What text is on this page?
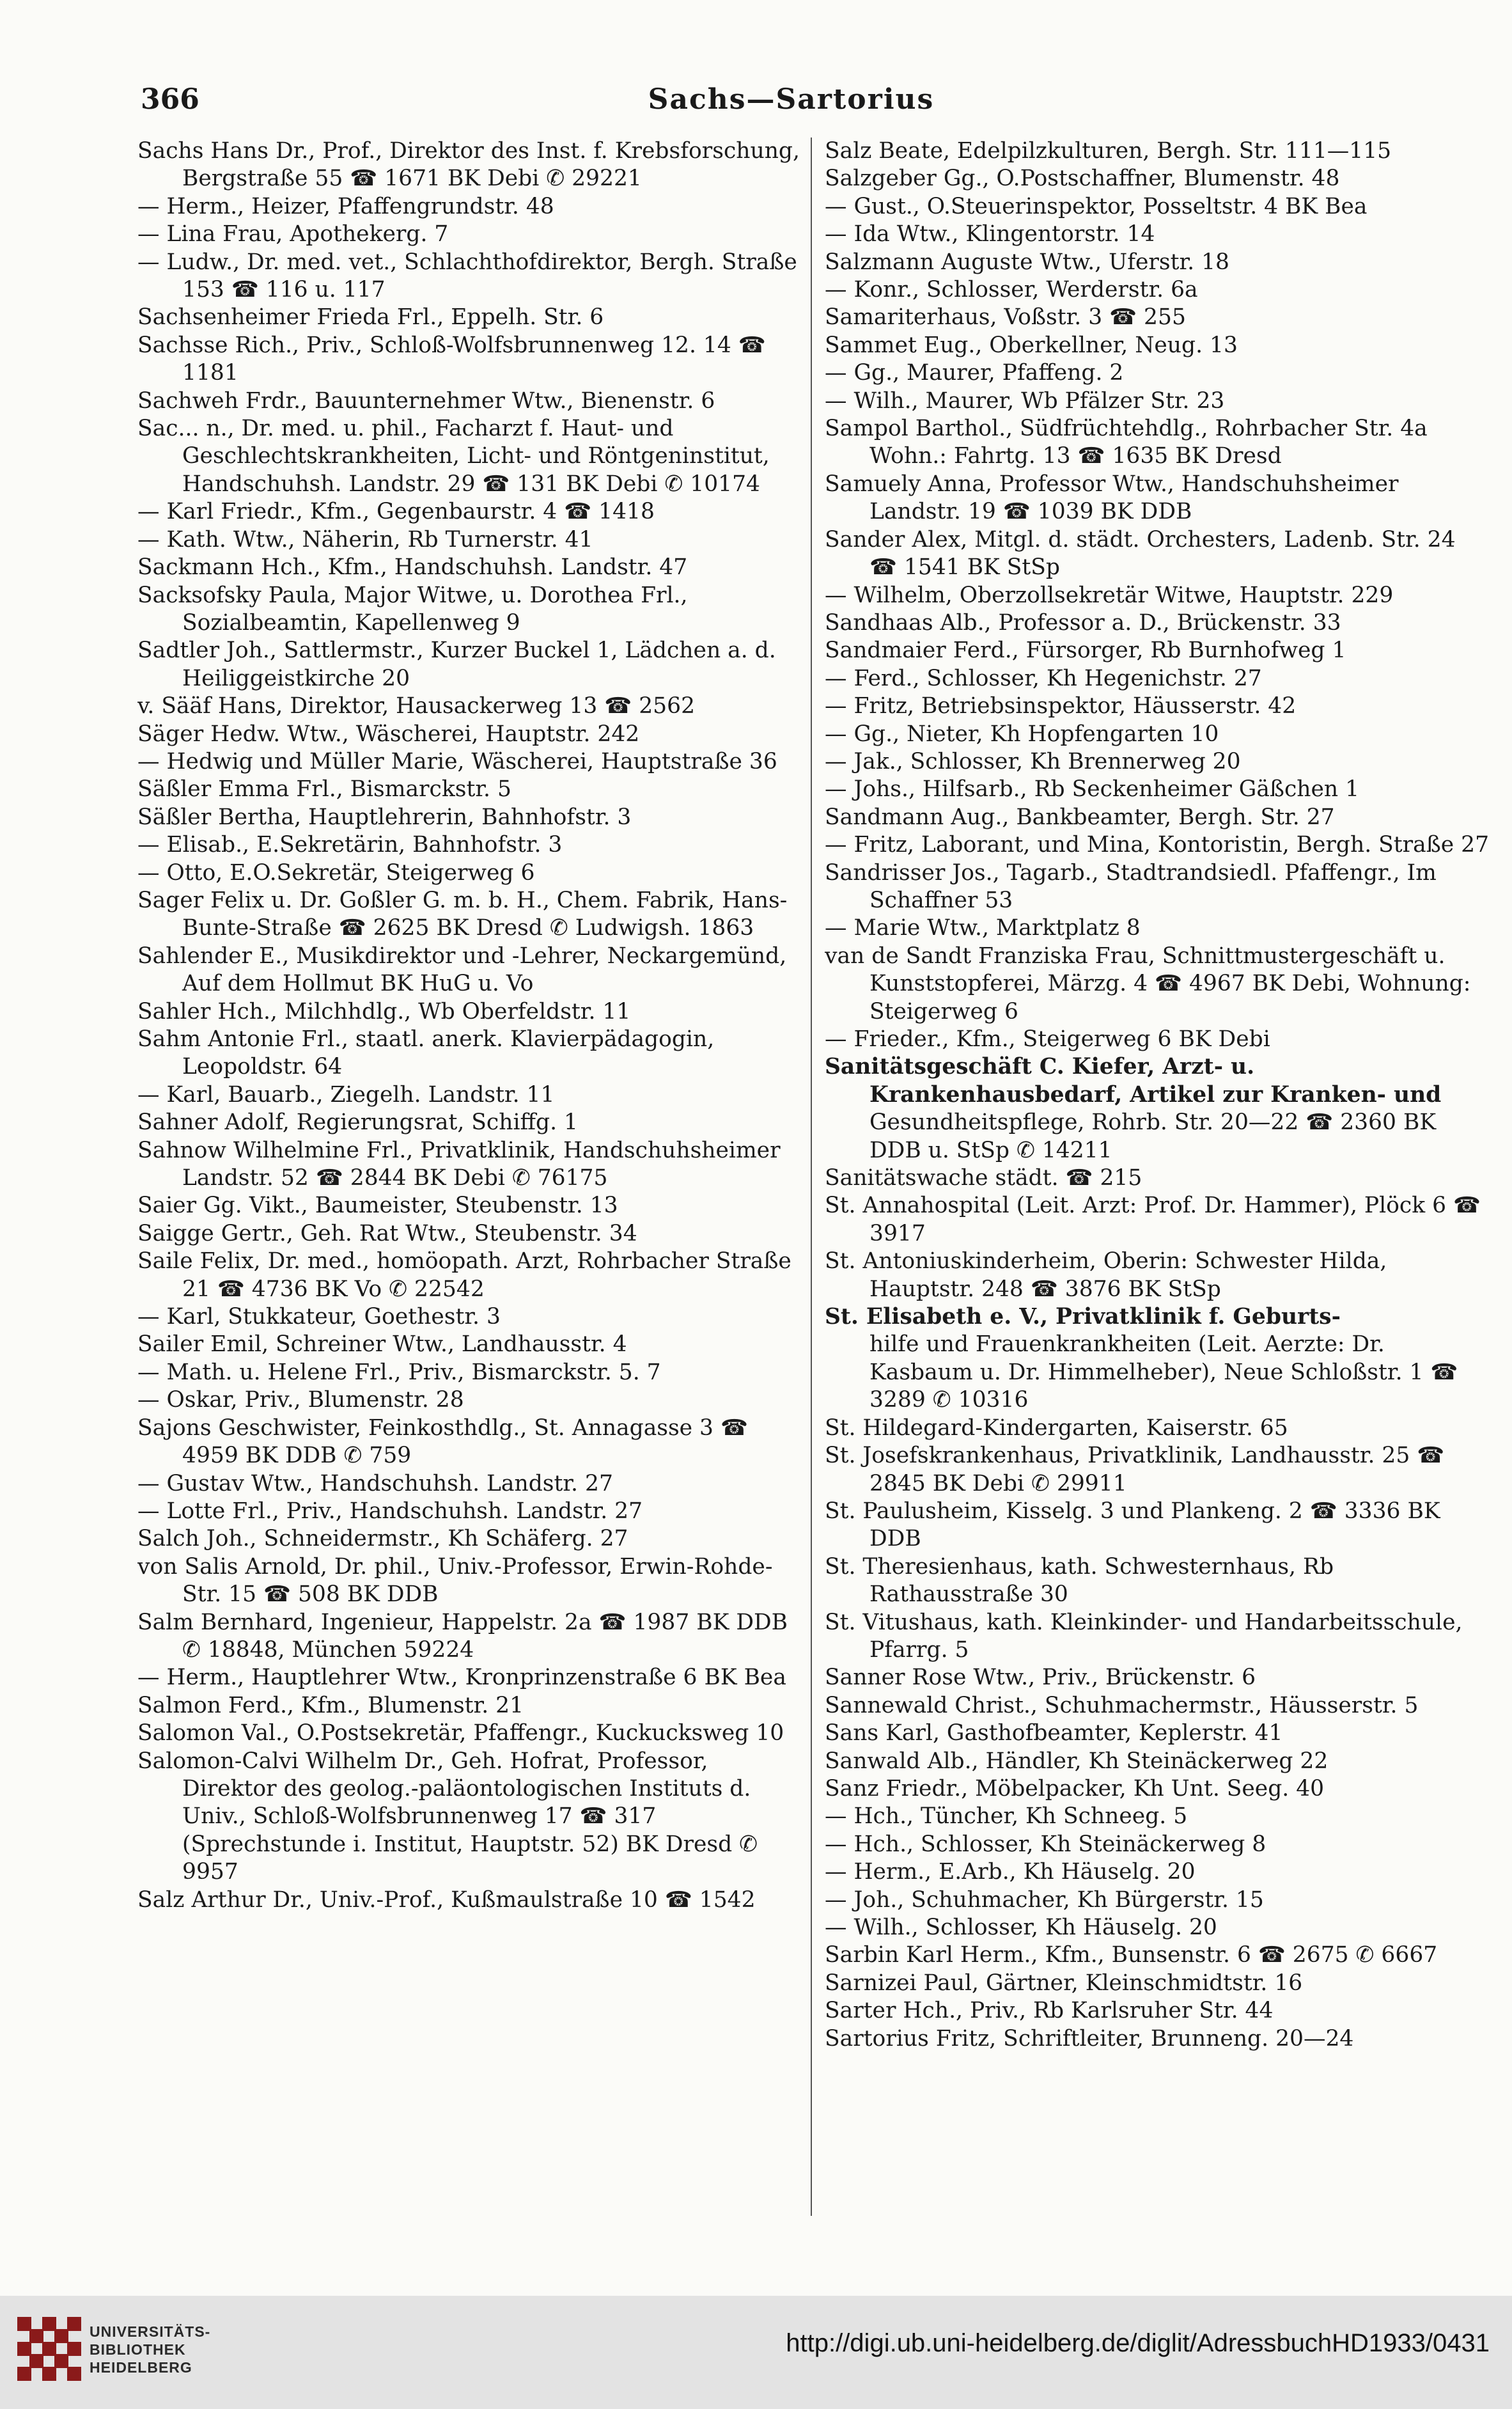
366	Sachs—Sartorius

Sachs Hans Dr., Prof., Direktor des Inst. f. Krebsforschung, Bergstraße 55 ☎ 1671 BK Debi ✆ 29221

— Herm., Heizer, Pfaffengrundstr. 48

— Lina Frau, Apothekerg. 7

— Ludw., Dr. med. vet., Schlachthofdirektor, Bergh. Straße 153 ☎ 116 u. 117

Sachsenheimer Frieda Frl., Eppelh. Str. 6

Sachsse Rich., Priv., Schloß-Wolfsbrunnenweg 12. 14 ☎ 1181

Sachweh Frdr., Bauunternehmer Wtw., Bienenstr. 6

Sac... n., Dr. med. u. phil., Facharzt f. Haut- und Geschlechtskrankheiten, Licht- und Röntgeninstitut, Handschuhsh. Landstr. 29 ☎ 131 BK Debi ✆ 10174

— Karl Friedr., Kfm., Gegenbaurstr. 4 ☎ 1418

— Kath. Wtw., Näherin, Rb Turnerstr. 41

Sackmann Hch., Kfm., Handschuhsh. Landstr. 47

Sacksofsky Paula, Major Witwe, u. Dorothea Frl., Sozialbeamtin, Kapellenweg 9

Sadtler Joh., Sattlermstr., Kurzer Buckel 1, Lädchen a. d. Heiliggeistkirche 20

v. Sääf Hans, Direktor, Hausackerweg 13 ☎ 2562

Säger Hedw. Wtw., Wäscherei, Hauptstr. 242

— Hedwig und Müller Marie, Wäscherei, Hauptstraße 36

Säßler Emma Frl., Bismarckstr. 5

Säßler Bertha, Hauptlehrerin, Bahnhofstr. 3

— Elisab., E.Sekretärin, Bahnhofstr. 3

— Otto, E.O.Sekretär, Steigerweg 6

Sager Felix u. Dr. Goßler G. m. b. H., Chem. Fabrik, Hans-Bunte-Straße ☎ 2625 BK Dresd ✆ Ludwigsh. 1863

Sahlender E., Musikdirektor und -Lehrer, Neckargemünd, Auf dem Hollmut BK HuG u. Vo

Sahler Hch., Milchhdlg., Wb Oberfeldstr. 11

Sahm Antonie Frl., staatl. anerk. Klavierpädagogin, Leopoldstr. 64

— Karl, Bauarb., Ziegelh. Landstr. 11

Sahner Adolf, Regierungsrat, Schiffg. 1

Sahnow Wilhelmine Frl., Privatklinik, Handschuhsheimer Landstr. 52 ☎ 2844 BK Debi ✆ 76175

Saier Gg. Vikt., Baumeister, Steubenstr. 13

Saigge Gertr., Geh. Rat Wtw., Steubenstr. 34

Saile Felix, Dr. med., homöopath. Arzt, Rohrbacher Straße 21 ☎ 4736 BK Vo ✆ 22542

— Karl, Stukkateur, Goethestr. 3

Sailer Emil, Schreiner Wtw., Landhausstr. 4

— Math. u. Helene Frl., Priv., Bismarckstr. 5. 7

— Oskar, Priv., Blumenstr. 28

Sajons Geschwister, Feinkosthdlg., St. Annagasse 3 ☎ 4959 BK DDB ✆ 759

— Gustav Wtw., Handschuhsh. Landstr. 27

— Lotte Frl., Priv., Handschuhsh. Landstr. 27

Salch Joh., Schneidermstr., Kh Schäferg. 27

von Salis Arnold, Dr. phil., Univ.-Professor, Erwin-Rohde-Str. 15 ☎ 508 BK DDB

Salm Bernhard, Ingenieur, Happelstr. 2a ☎ 1987 BK DDB ✆ 18848, München 59224

— Herm., Hauptlehrer Wtw., Kronprinzenstraße 6 BK Bea

Salmon Ferd., Kfm., Blumenstr. 21

Salomon Val., O.Postsekretär, Pfaffengr., Kuckucksweg 10

Salomon-Calvi Wilhelm Dr., Geh. Hofrat, Professor, Direktor des geolog.-paläontologischen Instituts d. Univ., Schloß-Wolfsbrunnenweg 17 ☎ 317 (Sprechstunde i. Institut, Hauptstr. 52) BK Dresd ✆ 9957

Salz Arthur Dr., Univ.-Prof., Kußmaulstraße 10 ☎ 1542

Salz Beate, Edelpilzkulturen, Bergh. Str. 111—115

Salzgeber Gg., O.Postschaffner, Blumenstr. 48

— Gust., O.Steuerinspektor, Posseltstr. 4 BK Bea

— Ida Wtw., Klingentorstr. 14

Salzmann Auguste Wtw., Uferstr. 18

— Konr., Schlosser, Werderstr. 6a

Samariterhaus, Voßstr. 3 ☎ 255

Sammet Eug., Oberkellner, Neug. 13

— Gg., Maurer, Pfaffeng. 2

— Wilh., Maurer, Wb Pfälzer Str. 23

Sampol Barthol., Südfrüchtehdlg., Rohrbacher Str. 4a Wohn.: Fahrtg. 13 ☎ 1635 BK Dresd

Samuely Anna, Professor Wtw., Handschuhsheimer Landstr. 19 ☎ 1039 BK DDB

Sander Alex, Mitgl. d. städt. Orchesters, Ladenb. Str. 24 ☎ 1541 BK StSp

— Wilhelm, Oberzollsekretär Witwe, Hauptstr. 229

Sandhaas Alb., Professor a. D., Brückenstr. 33

Sandmaier Ferd., Fürsorger, Rb Burnhofweg 1

— Ferd., Schlosser, Kh Hegenichstr. 27

— Fritz, Betriebsinspektor, Häusserstr. 42

— Gg., Nieter, Kh Hopfengarten 10

— Jak., Schlosser, Kh Brennerweg 20

— Johs., Hilfsarb., Rb Seckenheimer Gäßchen 1

Sandmann Aug., Bankbeamter, Bergh. Str. 27

— Fritz, Laborant, und Mina, Kontoristin, Bergh. Straße 27

Sandrisser Jos., Tagarb., Stadtrandsiedl. Pfaffengr., Im Schaffner 53

— Marie Wtw., Marktplatz 8

van de Sandt Franziska Frau, Schnittmustergeschäft u. Kunststopferei, Märzg. 4 ☎ 4967 BK Debi, Wohnung: Steigerweg 6

— Frieder., Kfm., Steigerweg 6 BK Debi

Sanitätsgeschäft C. Kiefer, Arzt- u. Krankenhausbedarf, Artikel zur Kranken- und

Gesundheitspflege, Rohrb. Str. 20—22 ☎ 2360 BK DDB u. StSp ✆ 14211

Sanitätswache städt. ☎ 215

St. Annahospital (Leit. Arzt: Prof. Dr. Hammer), Plöck 6 ☎ 3917

St. Antoniuskinderheim, Oberin: Schwester Hilda, Hauptstr. 248 ☎ 3876 BK StSp

St. Elisabeth e. V., Privatklinik f. Geburts-

hilfe und Frauenkrankheiten (Leit. Aerzte: Dr. Kasbaum u. Dr. Himmelheber), Neue Schloßstr. 1 ☎ 3289 ✆ 10316

St. Hildegard-Kindergarten, Kaiserstr. 65

St. Josefskrankenhaus, Privatklinik, Landhausstr. 25 ☎ 2845 BK Debi ✆ 29911

St. Paulusheim, Kisselg. 3 und Plankeng. 2 ☎ 3336 BK DDB

St. Theresienhaus, kath. Schwesternhaus, Rb Rathausstraße 30

St. Vitushaus, kath. Kleinkinder- und Handarbeitsschule, Pfarrg. 5

Sanner Rose Wtw., Priv., Brückenstr. 6

Sannewald Christ., Schuhmachermstr., Häusserstr. 5

Sans Karl, Gasthofbeamter, Keplerstr. 41

Sanwald Alb., Händler, Kh Steinäckerweg 22

Sanz Friedr., Möbelpacker, Kh Unt. Seeg. 40

— Hch., Tüncher, Kh Schneeg. 5

— Hch., Schlosser, Kh Steinäckerweg 8

— Herm., E.Arb., Kh Häuselg. 20

— Joh., Schuhmacher, Kh Bürgerstr. 15

— Wilh., Schlosser, Kh Häuselg. 20

Sarbin Karl Herm., Kfm., Bunsenstr. 6 ☎ 2675 ✆ 6667

Sarnizei Paul, Gärtner, Kleinschmidtstr. 16

Sarter Hch., Priv., Rb Karlsruher Str. 44

Sartorius Fritz, Schriftleiter, Brunneng. 20—24

UNIVERSITÄTS-
BIBLIOTHEK
HEIDELBERG
http://digi.ub.uni-heidelberg.de/diglit/AdressbuchHD1933/0431
